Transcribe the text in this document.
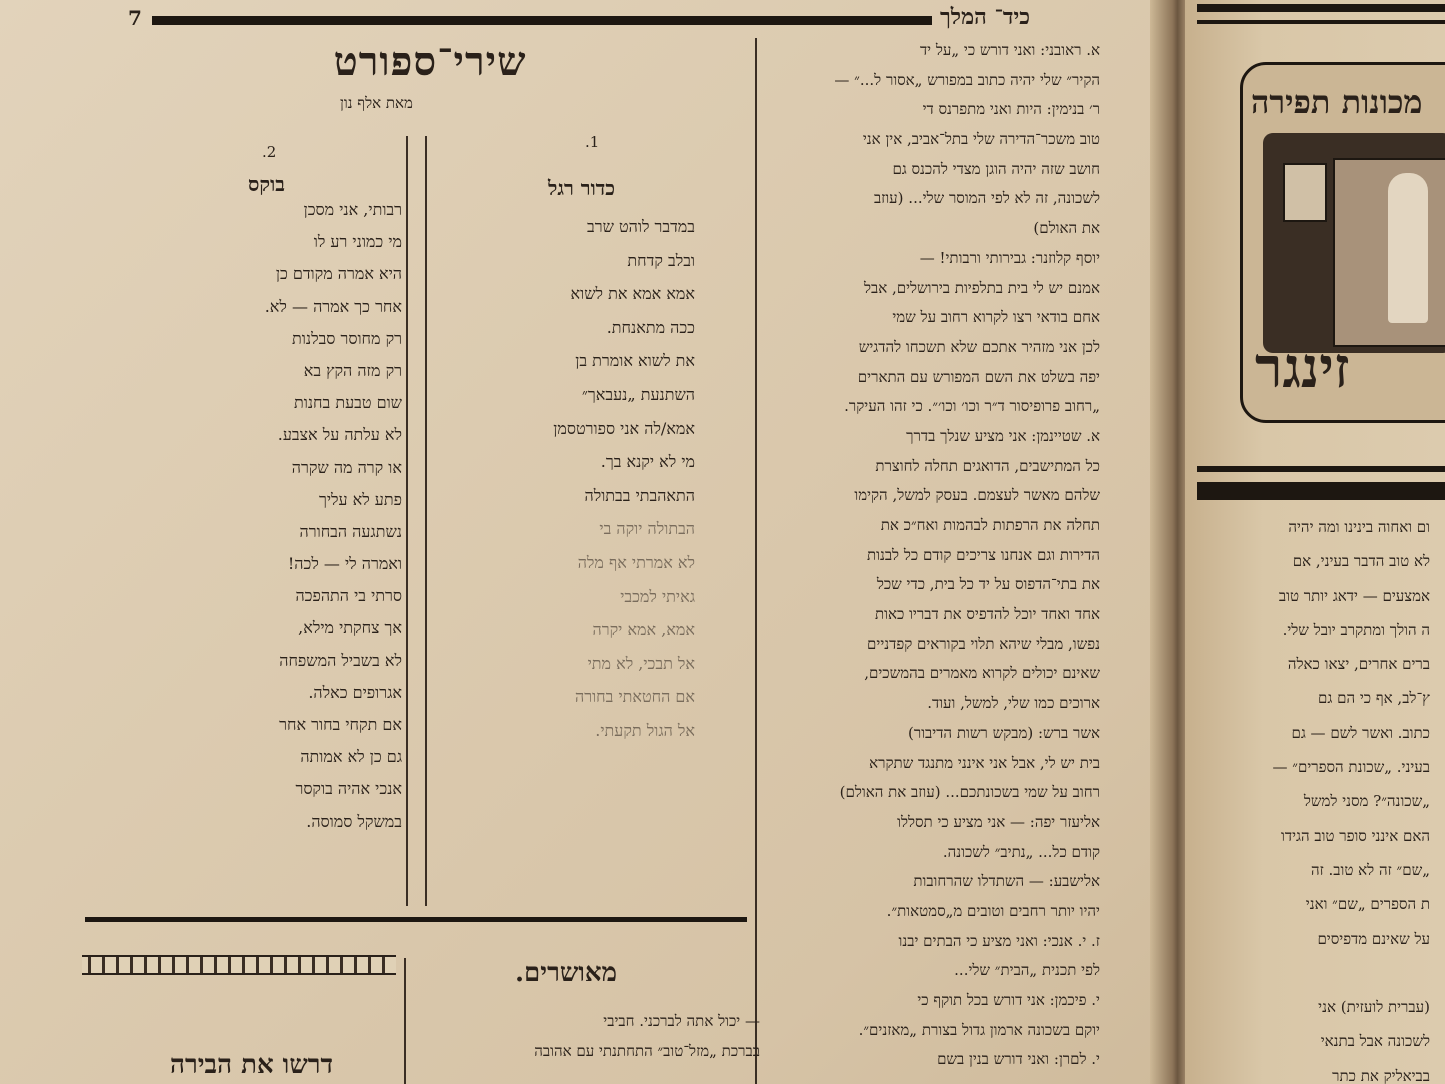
7	כיד־ המלך
שירי־ספורט
מאת אלף נון
.1
כדור רגל
במדבר לוהט שרב
ובלב קדחת
אמא אמא את לשוא
ככה מתאנחת.
את לשוא אומרת בן
השתנעת „נעבאך״
אמא/לה אני ספורטסמן
מי לא יקנא בך.
התאהבתי בבתולה
הבתולה יוקה בי
לא אמרתי אף מלה
גאיתי למכבי
אמא, אמא יקרה
אל תבכי, לא מתי
אם החטאתי בחורה
אל הגול תקעתי.
.2
בוקס
רבותי, אני מסכן
מי כמוני רע לו
היא אמרה מקודם כן
אחר כך אמרה — לא.
רק מחוסר סבלנות
רק מזה הקץ בא
שום טבעת בחנות
לא עלתה על אצבע.
או קרה מה שקרה
פתע לא עליך
נשתגעה הבחורה
ואמרה לי — לכה!
סרתי בי התהפכה
אך צחקתי מילא,
לא בשביל המשפחה
אגרופים כאלה.
אם תקחי בחור אחר
גם כן לא אמותה
אנכי אהיה בוקסר
במשקל סמוסה.
א. ראובני: ואני דורש כי „על יד
הקיר״ שלי יהיה כתוב במפורש „אסור ל...״ —
ר׳ בנימין: היות ואני מתפרנס די
טוב משכר־הדירה שלי בתל־אביב, אין אני
חושב שזה יהיה הוגן מצדי להכנס גם
לשכונה, זה לא לפי המוסר שלי... (עוזב
את האולם)
יוסף קלוזנר: גבירותי ורבותי! —
אמנם יש לי בית בתלפיות בירושלים, אבל
אחם בודאי רצו לקרוא רחוב על שמי
לכן אני מזהיר אתכם שלא תשכחו להדגיש
יפה בשלט את השם המפורש עם התארים
„רחוב פרופיסור ד״ר וכו׳ וכו׳״. כי זהו העיקר.
א. שטיינמן: אני מציע שנלך בדרך
כל המתישבים, הדואגים תחלה לחוצרת
שלהם מאשר לעצמם. בעסק למשל, הקימו
תחלה את הרפתות לבהמות ואח״כ את
הדירות וגם אנחנו צריכים קודם כל לבנות
את בתי־הדפוס על יד כל בית, כדי שכל
אחד ואחד יוכל להדפיס את דבריו כאות
נפשו, מבלי שיהא תלוי בקוראים קפדניים
שאינם יכולים לקרוא מאמרים בהמשכים,
ארוכים כמו שלי, למשל, ועוד.
אשר ברש: (מבקש רשות הדיבור)
בית יש לי, אבל אני אינני מתנגד שתקרא
רחוב על שמי בשכונתכם... (עוזב את האולם)
אליעזר יפה: — אני מציע כי תסללו
קודם כל... „נתיב״ לשכונה.
אלישבע: — השתדלו שהרחובות
יהיו יותר רחבים וטובים מ„סמטאות״.
ז. י. אנכי: ואני מציע כי הבתים יבנו
לפי תכנית „הבית״ שלי...
י. פיכמן: אני דורש בכל תוקף כי
יוקם בשכונה ארמון גדול בצורת „מאזנים״.
י. לםרן: ואני דורש בנין בשם
מאושרים.
— יכול אתה לברכני. חביבי
בברכת „מזל־טוב״ התחתנתי עם אהובה
דרשו את הבירה
מכונות תפירה
זינגר
ום ואחוה בינינו ומה יהיה
לא טוב הדבר בעיני, אם
אמצעים — ידאג יותר טוב
ה הולך ומתקרב יובל שלי.
ברים אחרים, יצאו כאלה
ץ־לב, אף כי הם גם
כתוב. ואשר לשם — גם
בעיני. „שכונת הספרים״ —
„שכונה״? מסני למשל
האם אינני סופר טוב הגידו
„שם״ זה לא טוב. זה
ת הספרים „שם״ ואני
על שאינם מדפיסים
(עברית לועזית) אני
לשכונה אבל בתנאי
בביאליק את כתר
